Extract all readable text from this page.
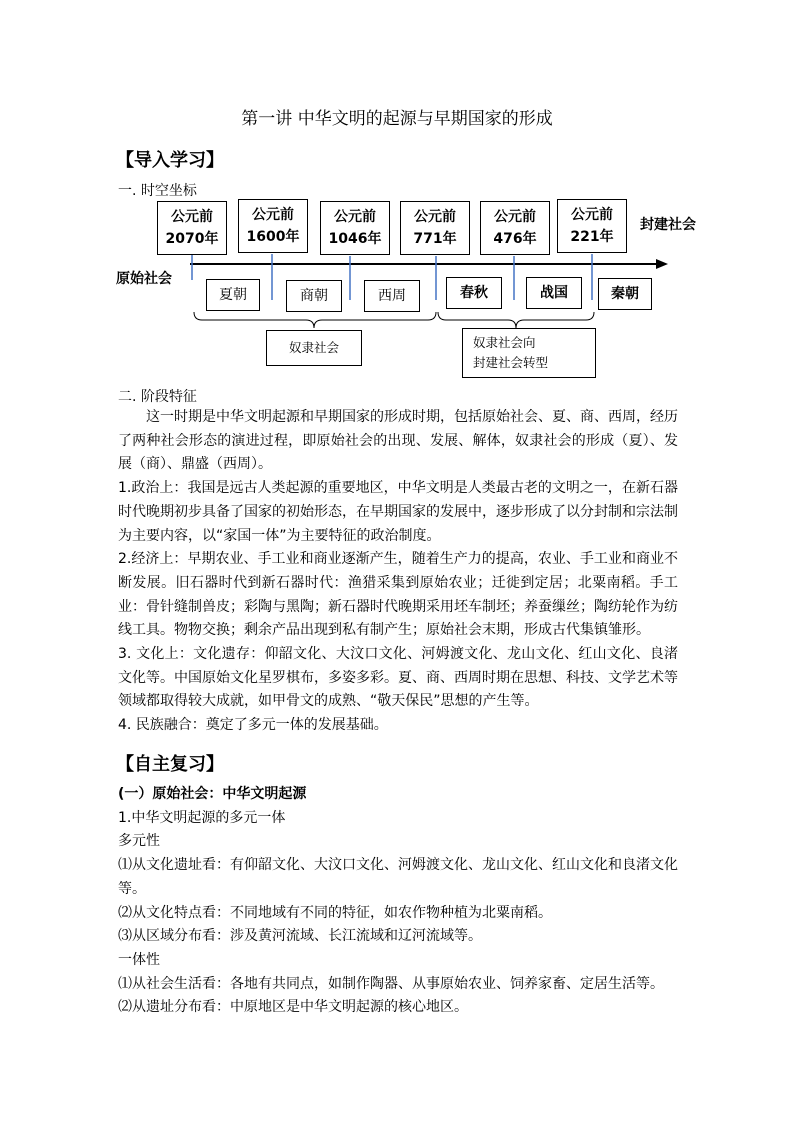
第一讲 中华文明的起源与早期国家的形成
【导入学习】
一. 时空坐标
公元前
2070年
公元前
1600年
公元前
1046年
公元前
771年
公元前
476年
公元前
221年
封建社会
原始社会
夏朝	商朝	西周	春秋	战国	秦朝
奴隶社会	奴隶社会向
封建社会转型
二. 阶段特征

这一时期是中华文明起源和早期国家的形成时期，包括原始社会、夏、商、西周，经历了两种社会形态的演进过程，即原始社会的出现、发展、解体，奴隶社会的形成（夏）、发展（商）、鼎盛（西周）。

1.政治上：我国是远古人类起源的重要地区，中华文明是人类最古老的文明之一，在新石器时代晚期初步具备了国家的初始形态，在早期国家的发展中，逐步形成了以分封制和宗法制为主要内容，以“家国一体”为主要特征的政治制度。

2.经济上：早期农业、手工业和商业逐渐产生，随着生产力的提高，农业、手工业和商业不断发展。旧石器时代到新石器时代：渔猎采集到原始农业；迁徙到定居；北粟南稻。手工业：骨针缝制兽皮；彩陶与黑陶；新石器时代晚期采用坯车制坯；养蚕缫丝；陶纺轮作为纺线工具。物物交换；剩余产品出现到私有制产生；原始社会末期，形成古代集镇雏形。

3. 文化上：文化遗存：仰韶文化、大汶口文化、河姆渡文化、龙山文化、红山文化、良渚文化等。中国原始文化星罗棋布，多姿多彩。夏、商、西周时期在思想、科技、文学艺术等领域都取得较大成就，如甲骨文的成熟、“敬天保民”思想的产生等。

4. 民族融合：奠定了多元一体的发展基础。

【自主复习】

(一）原始社会：中华文明起源

1.中华文明起源的多元一体

多元性

⑴从文化遗址看：有仰韶文化、大汶口文化、河姆渡文化、龙山文化、红山文化和良渚文化等。

⑵从文化特点看：不同地域有不同的特征，如农作物种植为北粟南稻。

⑶从区域分布看：涉及黄河流域、长江流域和辽河流域等。

一体性

⑴从社会生活看：各地有共同点，如制作陶器、从事原始农业、饲养家畜、定居生活等。

⑵从遗址分布看：中原地区是中华文明起源的核心地区。
